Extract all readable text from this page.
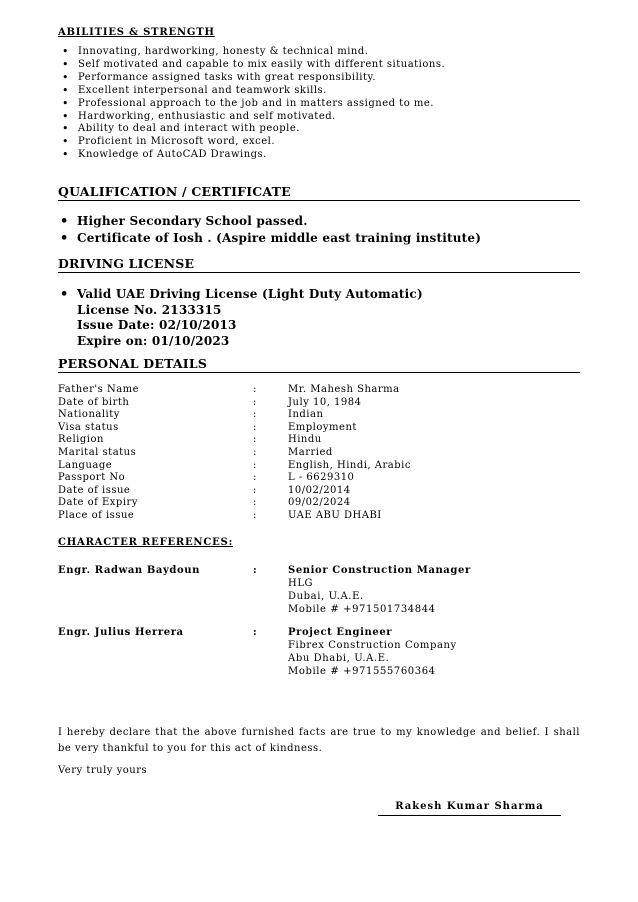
ABILITIES & STRENGTH
• Innovating, hardworking, honesty & technical mind.
• Self motivated and capable to mix easily with different situations.
• Performance assigned tasks with great responsibility.
• Excellent interpersonal and teamwork skills.
• Professional approach to the job and in matters assigned to me.
• Hardworking, enthusiastic and self motivated.
• Ability to deal and interact with people.
• Proficient in Microsoft word, excel.
• Knowledge of AutoCAD Drawings.
QUALIFICATION / CERTIFICATE
• Higher Secondary School passed.
• Certificate of Iosh . (Aspire middle east training institute)
DRIVING LICENSE
• Valid UAE Driving License (Light Duty Automatic)
License No. 2133315
Issue Date: 02/10/2013
Expire on: 01/10/2023
PERSONAL DETAILS
Father's Name	:	Mr. Mahesh Sharma
Date of birth	:	July 10, 1984
Nationality	:	Indian
Visa status	:	Employment
Religion	:	Hindu
Marital status	:	Married
Language	:	English, Hindi, Arabic
Passport No	:	L - 6629310
Date of issue	:	10/02/2014
Date of Expiry	:	09/02/2024
Place of issue	:	UAE ABU DHABI
CHARACTER REFERENCES:
Engr. Radwan Baydoun	:	Senior Construction Manager
HLG
Dubai, U.A.E.
Mobile # +971501734844
Engr. Julius Herrera	:	Project Engineer
Fibrex Construction Company
Abu Dhabi, U.A.E.
Mobile # +971555760364
I hereby declare that the above furnished facts are true to my knowledge and belief. I shall be very thankful to you for this act of kindness.
Very truly yours
Rakesh Kumar Sharma
